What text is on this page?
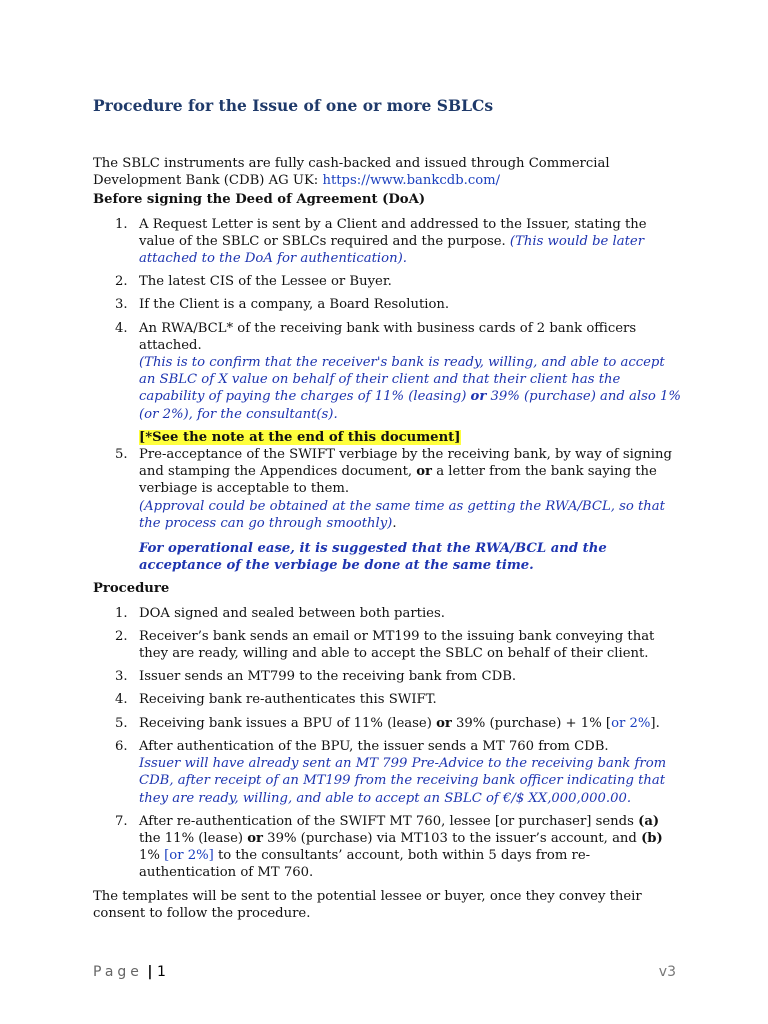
Procedure for the Issue of one or more SBLCs
The SBLC instruments are fully cash-backed and issued through Commercial Development Bank (CDB) AG UK: https://www.bankcdb.com/
Before signing the Deed of Agreement (DoA)
1. A Request Letter is sent by a Client and addressed to the Issuer, stating the value of the SBLC or SBLCs required and the purpose. (This would be later attached to the DoA for authentication).
2. The latest CIS of the Lessee or Buyer.
3. If the Client is a company, a Board Resolution.
4. An RWA/BCL* of the receiving bank with business cards of 2 bank officers attached.
(This is to confirm that the receiver's bank is ready, willing, and able to accept an SBLC of X value on behalf of their client and that their client has the capability of paying the charges of 11% (leasing) or 39% (purchase) and also 1% (or 2%), for the consultant(s).
[*See the note at the end of this document]
5. Pre-acceptance of the SWIFT verbiage by the receiving bank, by way of signing and stamping the Appendices document, or a letter from the bank saying the verbiage is acceptable to them.
(Approval could be obtained at the same time as getting the RWA/BCL, so that the process can go through smoothly).
For operational ease, it is suggested that the RWA/BCL and the acceptance of the verbiage be done at the same time.
Procedure
1. DOA signed and sealed between both parties.
2. Receiver’s bank sends an email or MT199 to the issuing bank conveying that they are ready, willing and able to accept the SBLC on behalf of their client.
3. Issuer sends an MT799 to the receiving bank from CDB.
4. Receiving bank re-authenticates this SWIFT.
5. Receiving bank issues a BPU of 11% (lease) or 39% (purchase) + 1% [or 2%].
6. After authentication of the BPU, the issuer sends a MT 760 from CDB.
Issuer will have already sent an MT 799 Pre-Advice to the receiving bank from CDB, after receipt of an MT199 from the receiving bank officer indicating that they are ready, willing, and able to accept an SBLC of €/$ XX,000,000.00.
7. After re-authentication of the SWIFT MT 760, lessee [or purchaser] sends (a) the 11% (lease) or 39% (purchase) via MT103 to the issuer’s account, and (b) 1% [or 2%] to the consultants’ account, both within 5 days from re-authentication of MT 760.
The templates will be sent to the potential lessee or buyer, once they convey their consent to follow the procedure.
Page | 1	v3
